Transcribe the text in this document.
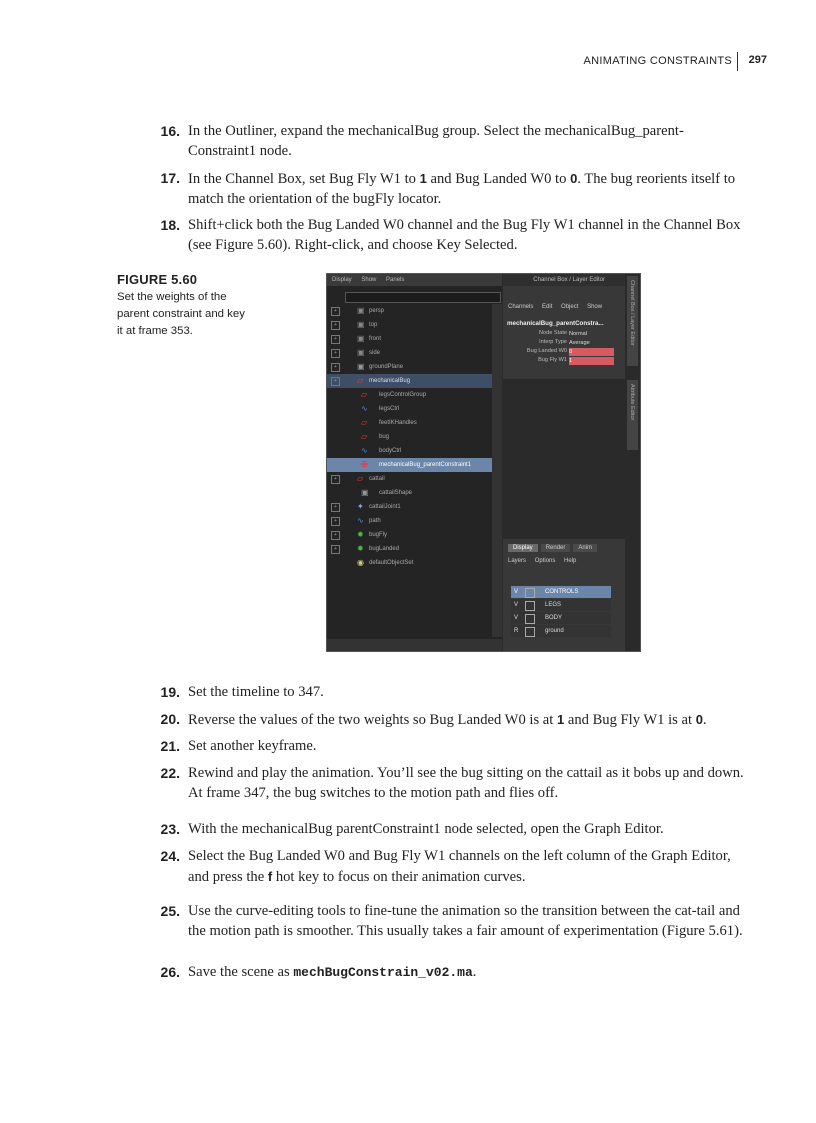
ANIMATING CONSTRAINTS 297
16. In the Outliner, expand the mechanicalBug group. Select the mechanicalBug_parent-Constraint1 node.
17. In the Channel Box, set Bug Fly W1 to 1 and Bug Landed W0 to 0. The bug reorients itself to match the orientation of the bugFly locator.
18. Shift+click both the Bug Landed W0 channel and the Bug Fly W1 channel in the Channel Box (see Figure 5.60). Right-click, and choose Key Selected.
19. Set the timeline to 347.
20. Reverse the values of the two weights so Bug Landed W0 is at 1 and Bug Fly W1 is at 0.
21. Set another keyframe.
22. Rewind and play the animation. You’ll see the bug sitting on the cattail as it bobs up and down. At frame 347, the bug switches to the motion path and flies off.
23. With the mechanicalBug parentConstraint1 node selected, open the Graph Editor.
24. Select the Bug Landed W0 and Bug Fly W1 channels on the left column of the Graph Editor, and press the f hot key to focus on their animation curves.
25. Use the curve-editing tools to fine-tune the animation so the transition between the cat-tail and the motion path is smoother. This usually takes a fair amount of experimentation (Figure 5.61).
26. Save the scene as mechBugConstrain_v02.ma.
FIGURE 5.60
Set the weights of the parent constraint and key it at frame 353.
Display Show Panels
+	▣ persp
+	▣ top
+	▣ front
+	▣ side
+	▣ groundPlane
+	▱ mechanicalBug
▱	legsControlGroup
∿ legsCtrl
▱	feetIKHandles
▱	bug
∿ bodyCtrl
✠ mechanicalBug_parentConstraint1
+	▱ cattail
▣ cattailShape
+	✦ cattailJoint1
+	∿ path
+	✹ bugFly
+	✹ bugLanded
◉ defaultObjectSet
Channel Box / Layer Editor
Channels Edit Object Show
mechanicalBug_parentConstra...
Node State Normal
Interp Type Average
Bug Landed W0 0
Bug Fly W1 1
Display Render Anim
Layers Options Help
V	CONTROLS
V	LEGS
V	BODY
R	ground
Channel Box / Layer Editor
Attribute Editor
